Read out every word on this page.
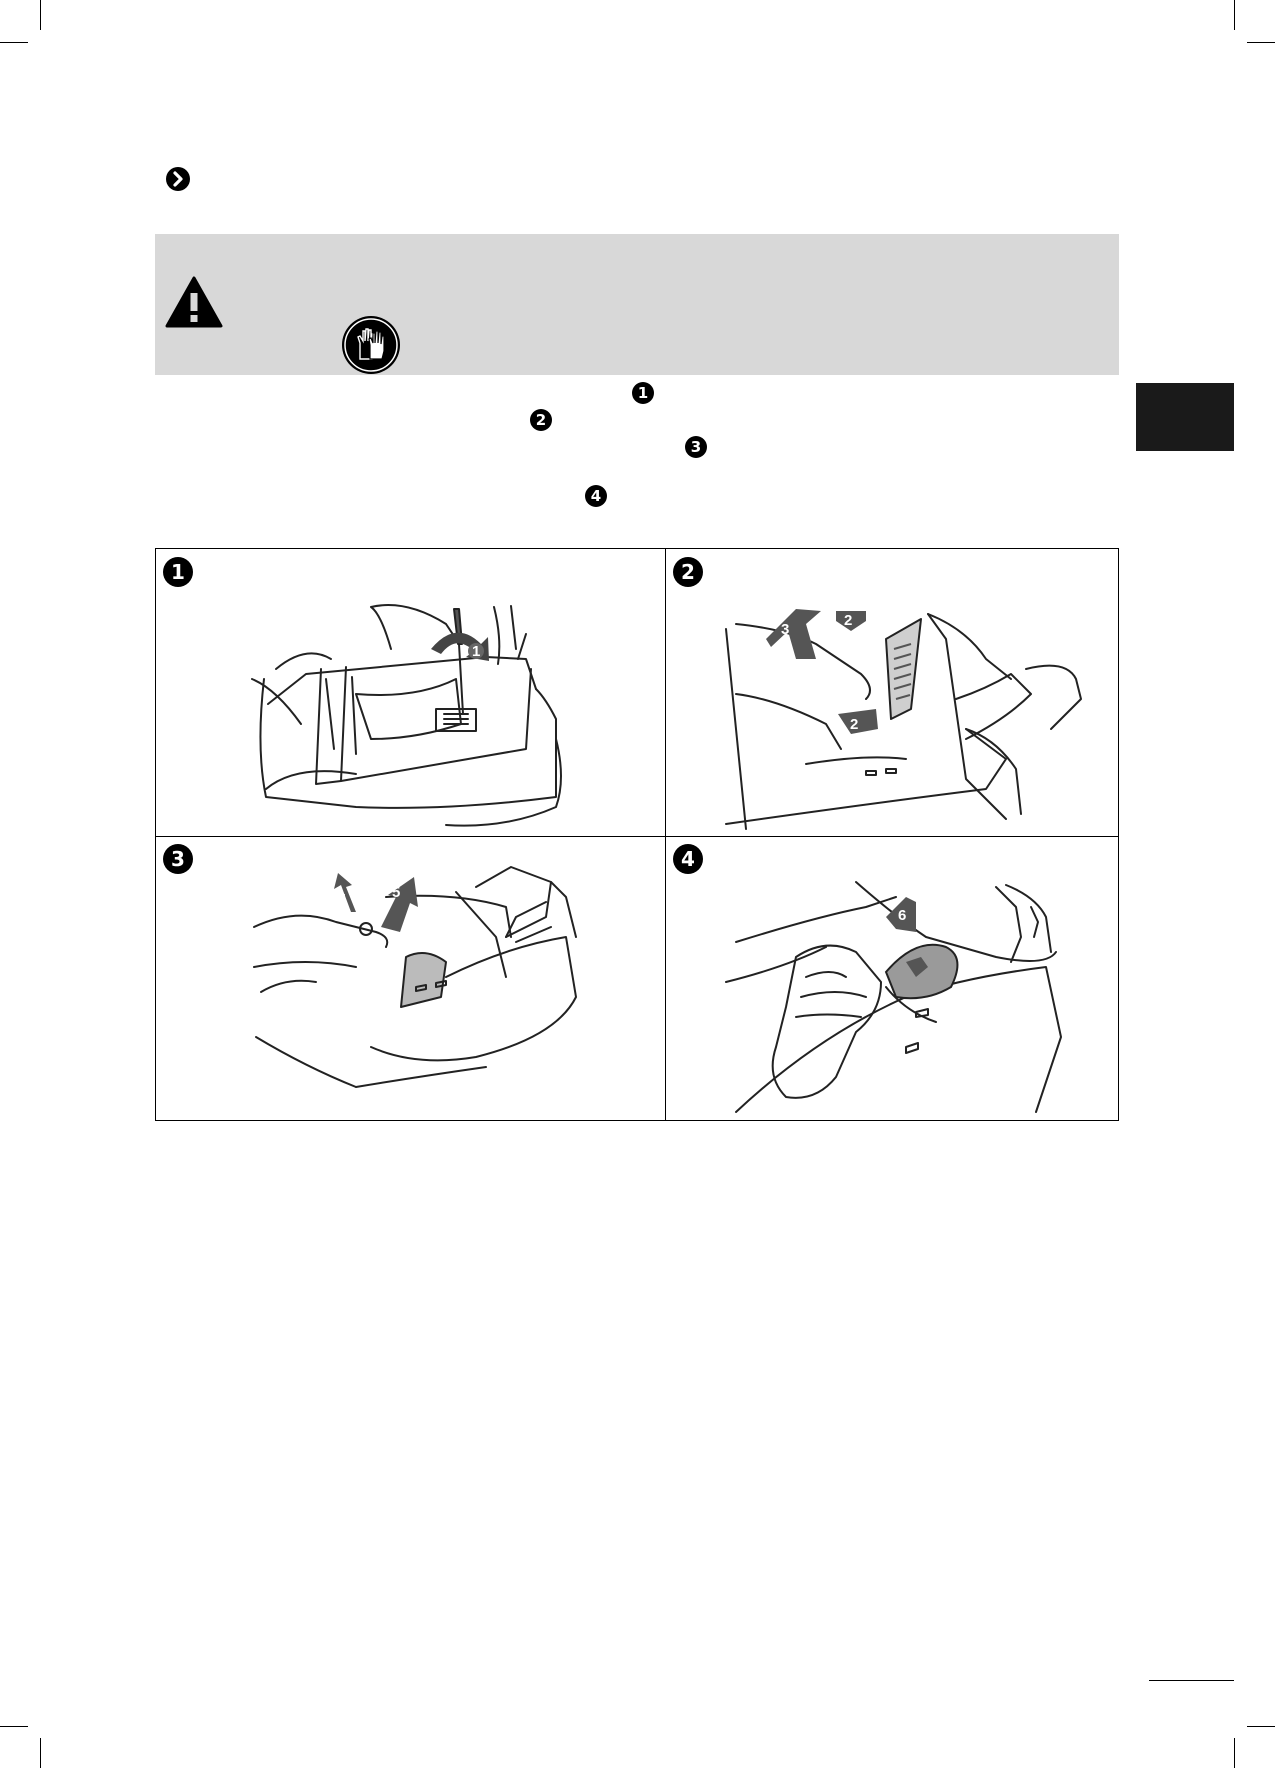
1
2
3
4
1
1
2
3
2
2
3
4	5
4
6
